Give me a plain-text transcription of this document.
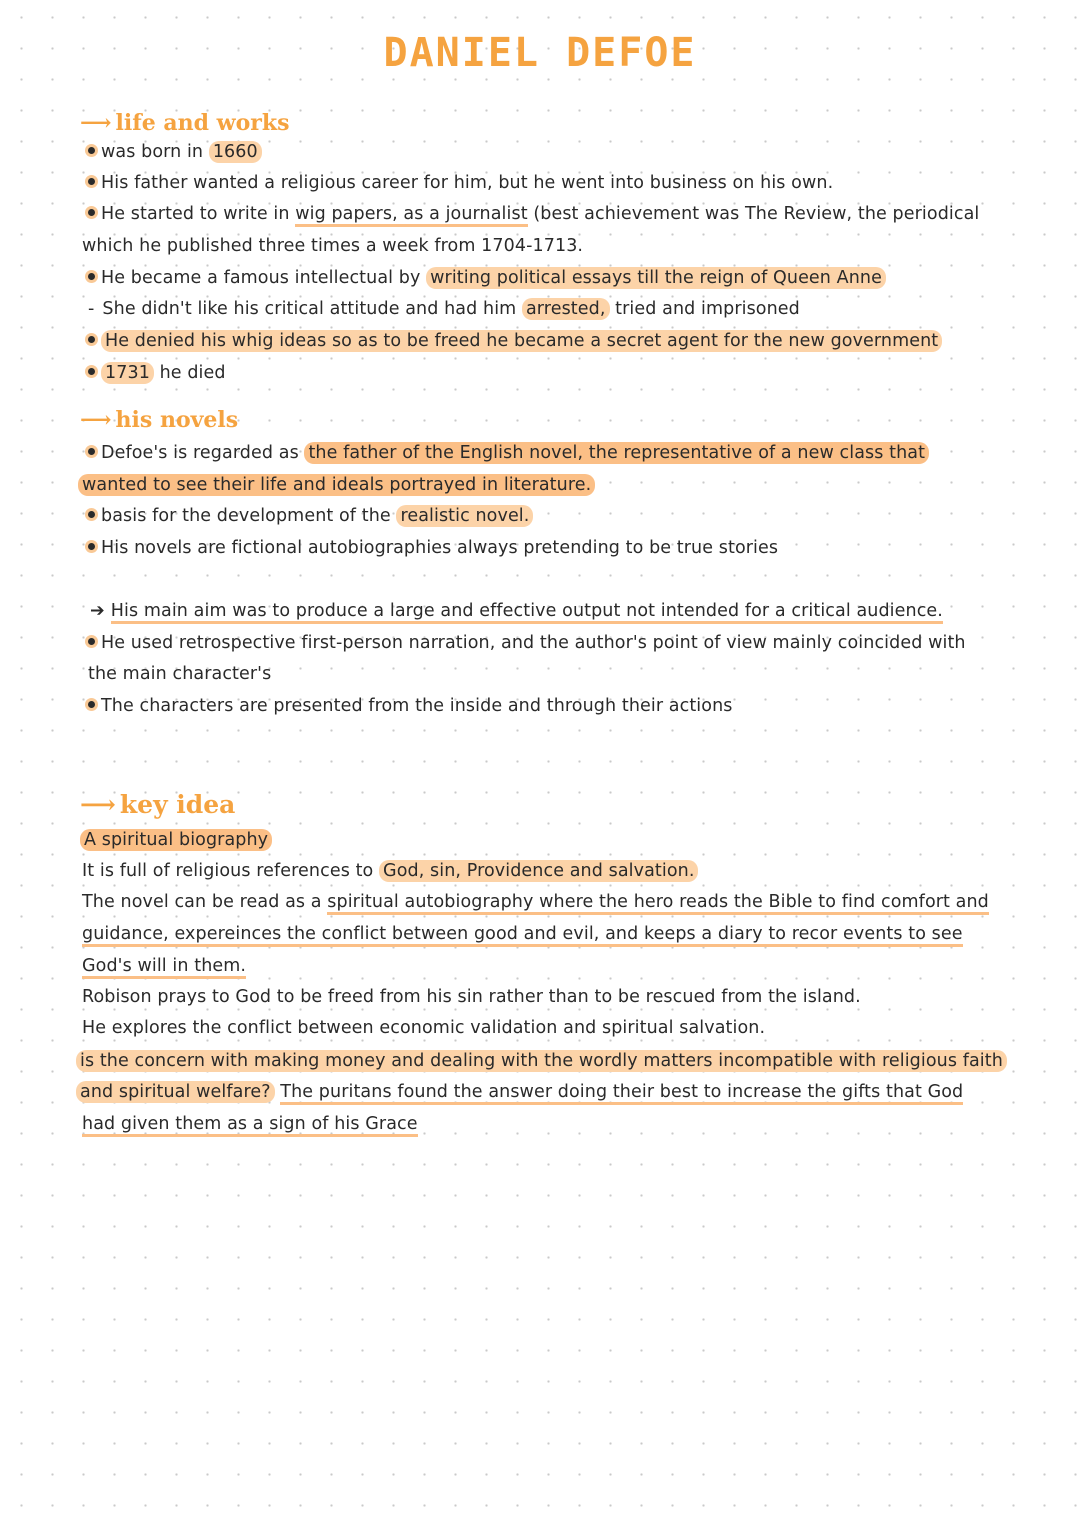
DANIEL DEFOE
⟶ life and works
was born in 1660
His father wanted a religious career for him, but he went into business on his own.
He started to write in wig papers, as a journalist (best achievement was The Review, the periodical
which he published three times a week from 1704-1713.
He became a famous intellectual by writing political essays till the reign of Queen Anne
- She didn't like his critical attitude and had him arrested, tried and imprisoned
He denied his whig ideas so as to be freed he became a secret agent for the new government
1731 he died
⟶ his novels
Defoe's is regarded as the father of the English novel, the representative of a new class that
wanted to see their life and ideals portrayed in literature.
basis for the development of the realistic novel.
His novels are fictional autobiographies always pretending to be true stories
➔ His main aim was to produce a large and effective output not intended for a critical audience.
He used retrospective first-person narration, and the author's point of view mainly coincided with
the main character's
The characters are presented from the inside and through their actions
⟶ key idea
A spiritual biography
It is full of religious references to God, sin, Providence and salvation.
The novel can be read as a spiritual autobiography where the hero reads the Bible to find comfort and
guidance, expereinces the conflict between good and evil, and keeps a diary to recor events to see
God's will in them.
Robison prays to God to be freed from his sin rather than to be rescued from the island.
He explores the conflict between economic validation and spiritual salvation.
is the concern with making money and dealing with the wordly matters incompatible with religious faith
and spiritual welfare? The puritans found the answer doing their best to increase the gifts that God
had given them as a sign of his Grace
